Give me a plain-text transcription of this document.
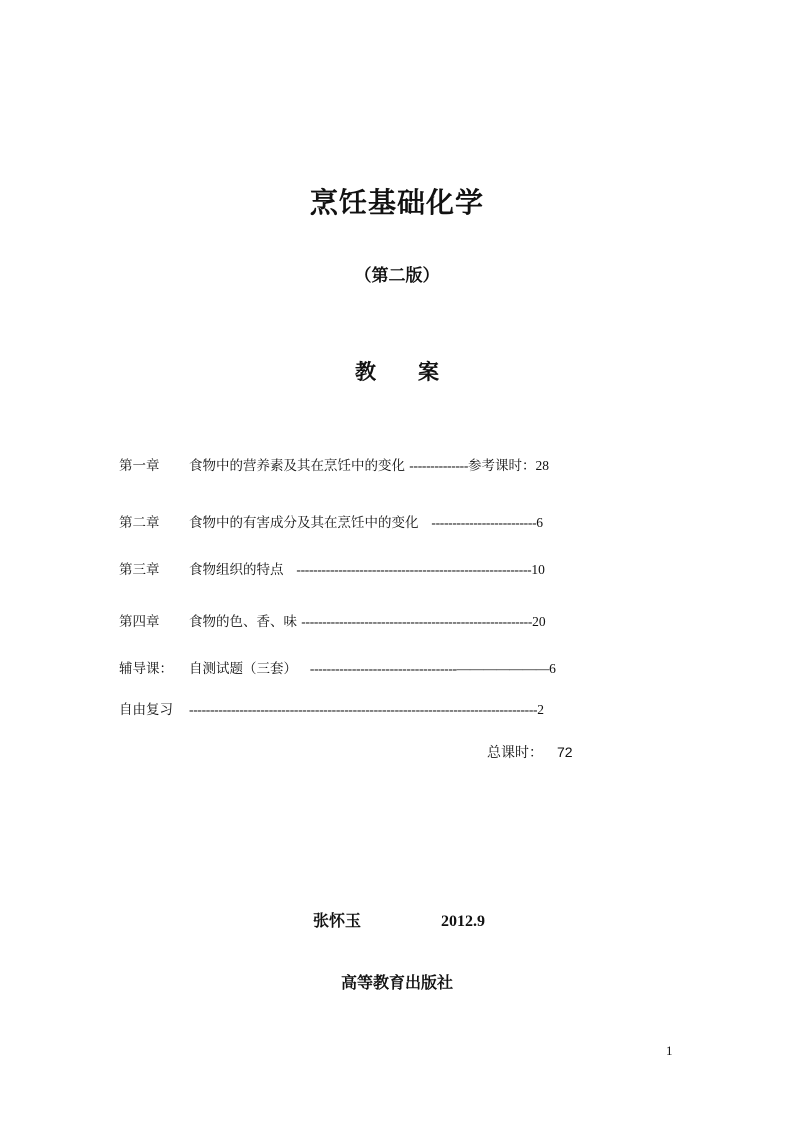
烹饪基础化学
（第二版）
教 案
第一章 食物中的营养素及其在烹饪中的变化 --------------参考课时：28
第二章 食物中的有害成分及其在烹饪中的变化 -------------------------6
第三章 食物组织的特点 --------------------------------------------------------10
第四章 食物的色、香、味 -------------------------------------------------------20
辅导课： 自测试题（三套） -----------------------------------———————6
自由复习 -----------------------------------------------------------------------------------2
总课时： 72
张怀玉	2012.9
高等教育出版社
1
